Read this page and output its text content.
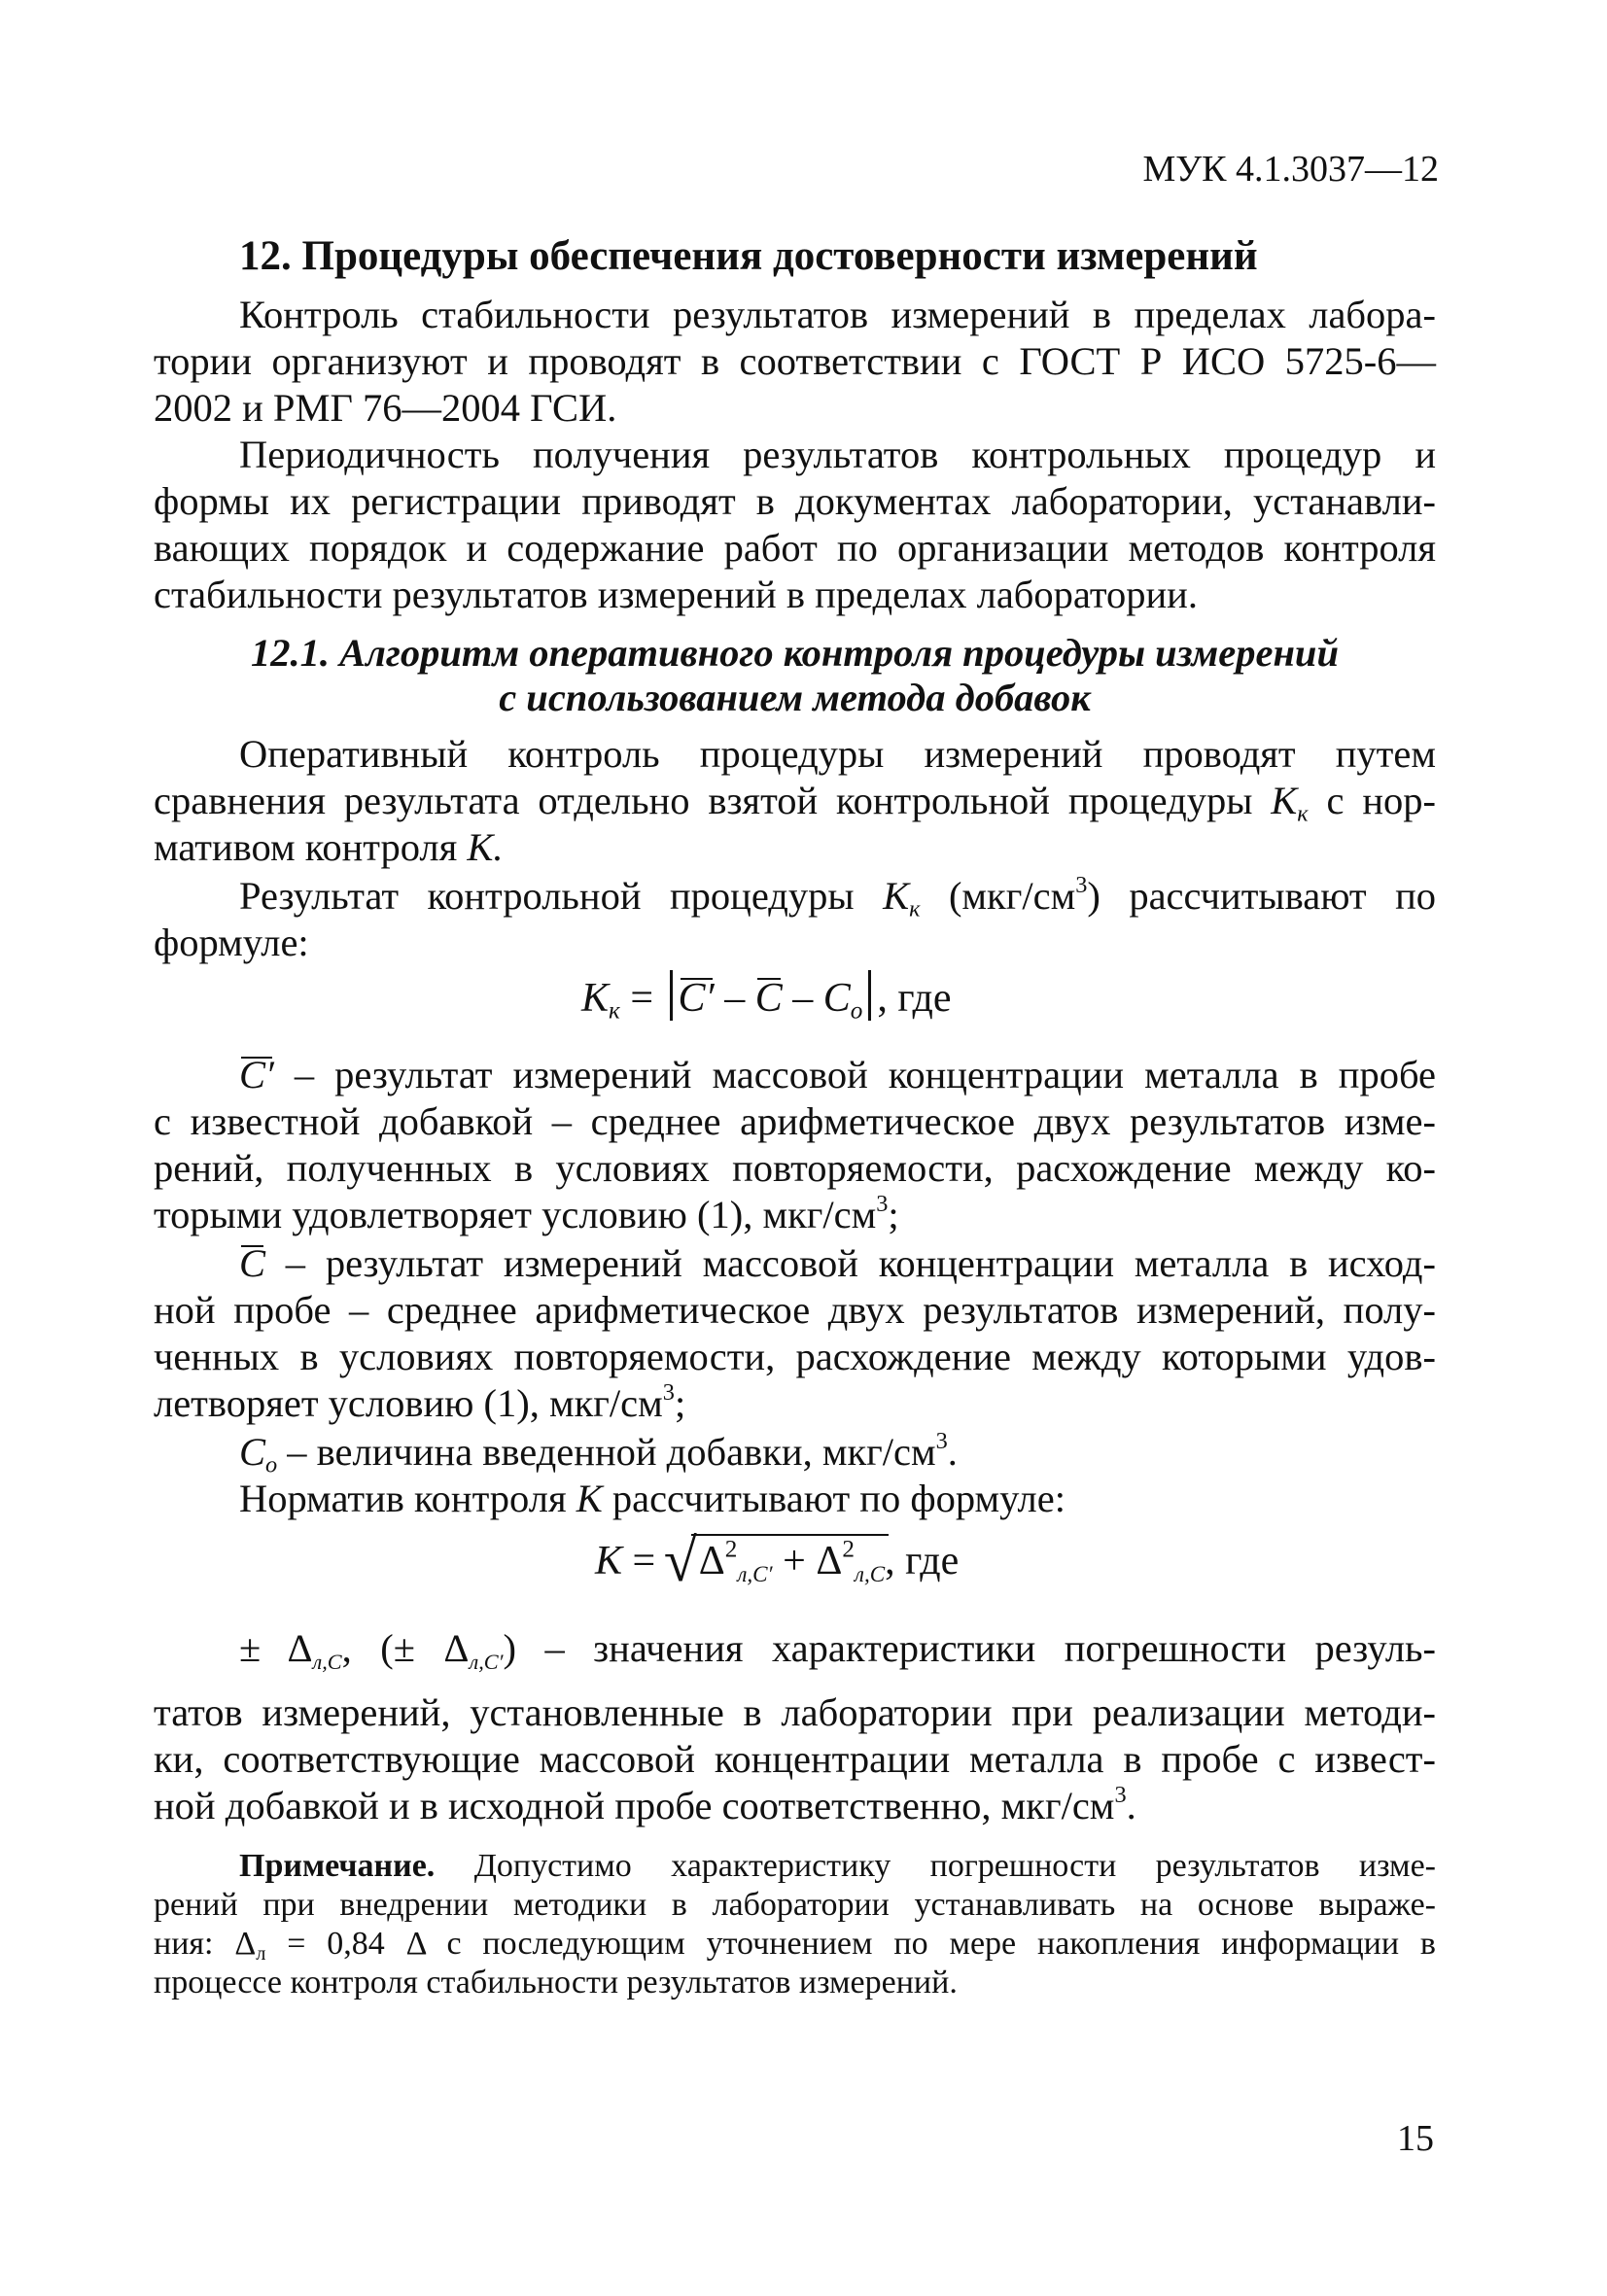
МУК 4.1.3037—12
12. Процедуры обеспечения достоверности измерений
Контроль стабильности результатов измерений в пределах лабора-
тории организуют и проводят в соответствии с ГОСТ Р ИСО 5725-6—
2002 и РМГ 76—2004 ГСИ.
Периодичность получения результатов контрольных процедур и
формы их регистрации приводят в документах лаборатории, устанавли-
вающих порядок и содержание работ по организации методов контроля
стабильности результатов измерений в пределах лаборатории.
12.1. Алгоритм оперативного контроля процедуры измерений
с использованием метода добавок
Оперативный контроль процедуры измерений проводят путем
сравнения результата отдельно взятой контрольной процедуры $K_к$ с нор-
мативом контроля K.
Результат контрольной процедуры $K_к$ $(мкг/см^3)$ рассчитывают по
формуле:
$K_к = C' - C - C_о$ , где
C′ – результат измерений массовой концентрации металла в пробе
с известной добавкой – среднее арифметическое двух результатов изме-
рений, полученных в условиях повторяемости, расхождение между ко-
торыми удовлетворяет условию (1), мкг/$см^3$;
C – результат измерений массовой концентрации металла в исход-
ной пробе – среднее арифметическое двух результатов измерений, полу-
ченных в условиях повторяемости, расхождение между которыми удов-
летворяет условию (1), мкг/$см^3$;
$C_о$ – величина введенной добавки, мкг/$см^3$.
Норматив контроля K рассчитывают по формуле:
K = √ $\Delta^2л,C' + \Delta^2л,C$, где
± Δл,C, (± Δл,C′) – значения характеристики погрешности резуль-
татов измерений, установленные в лаборатории при реализации методи-
ки, соответствующие массовой концентрации металла в пробе с извест-
ной добавкой и в исходной пробе соответственно, мкг/$см^3$.
Примечание. Допустимо характеристику погрешности результатов изме-
рений при внедрении методики в лаборатории устанавливать на основе выраже-
ния: $\Delta_л = 0,84$ Δ с последующим уточнением по мере накопления информации в
процессе контроля стабильности результатов измерений.
15
